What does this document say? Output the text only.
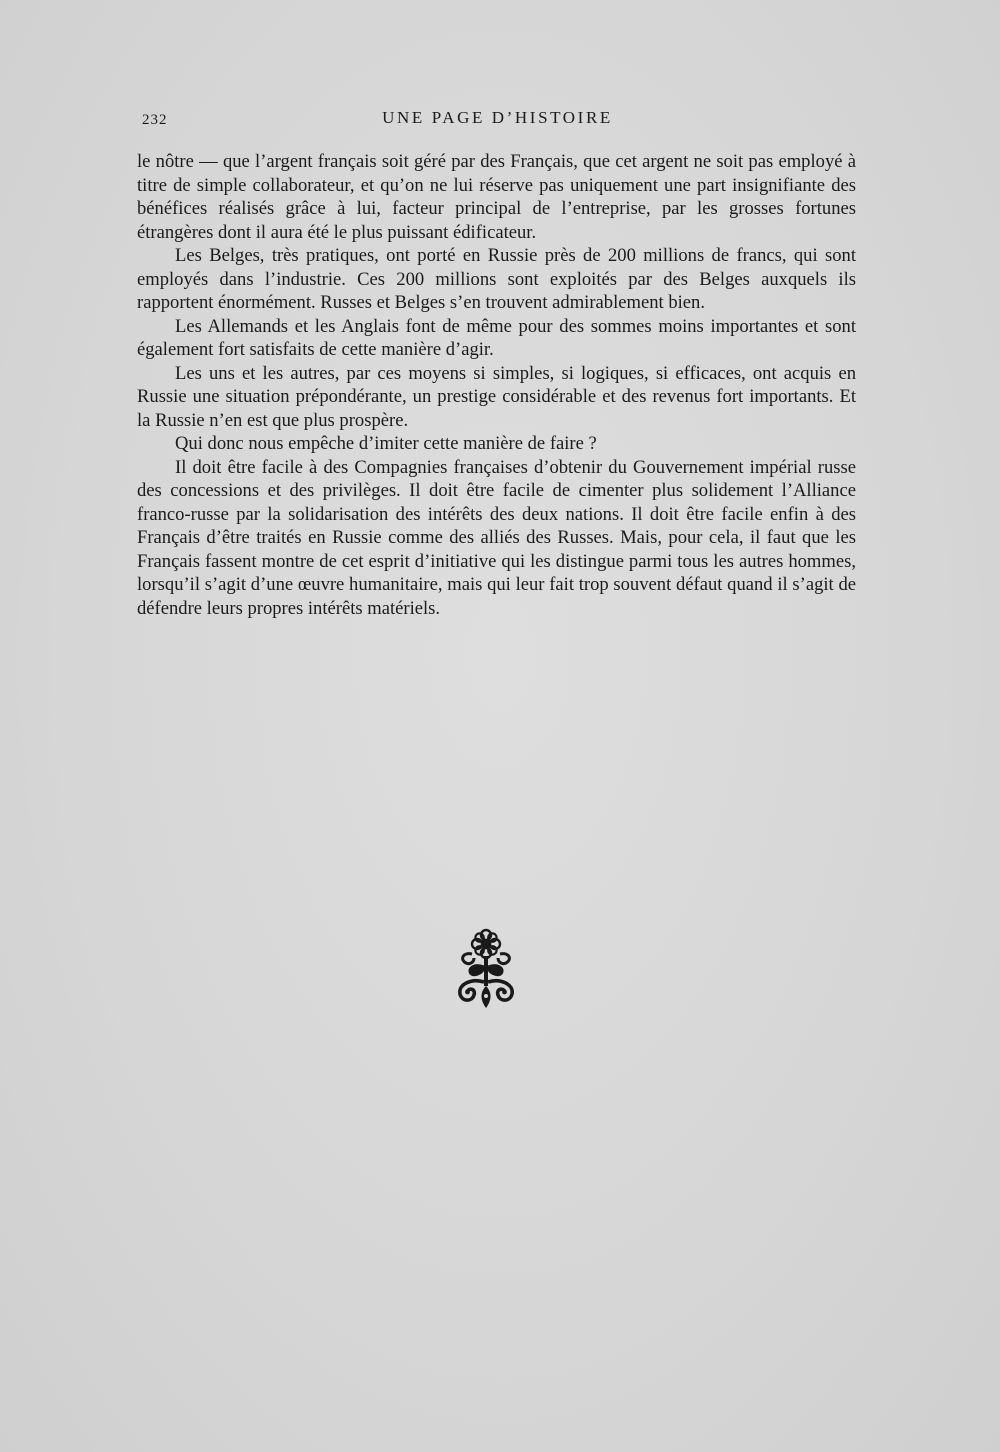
232	UNE PAGE D’HISTOIRE

le nôtre — que l’argent français soit géré par des Français, que cet argent ne soit pas employé à titre de simple collaborateur, et qu’on ne lui réserve pas uniquement une part insignifiante des bénéfices réalisés grâce à lui, facteur principal de l’entreprise, par les grosses fortunes étrangères dont il aura été le plus puissant édificateur.

Les Belges, très pratiques, ont porté en Russie près de 200 millions de francs, qui sont employés dans l’industrie. Ces 200 millions sont exploités par des Belges auxquels ils rapportent énormément. Russes et Belges s’en trouvent admirablement bien.

Les Allemands et les Anglais font de même pour des sommes moins importantes et sont également fort satisfaits de cette manière d’agir.

Les uns et les autres, par ces moyens si simples, si logiques, si efficaces, ont acquis en Russie une situation prépondérante, un prestige considérable et des revenus fort importants. Et la Russie n’en est que plus prospère.

Qui donc nous empêche d’imiter cette manière de faire ?

Il doit être facile à des Compagnies françaises d’obtenir du Gouvernement impérial russe des concessions et des privilèges. Il doit être facile de cimenter plus solidement l’Alliance franco-russe par la solidarisation des intérêts des deux nations. Il doit être facile enfin à des Français d’être traités en Russie comme des alliés des Russes. Mais, pour cela, il faut que les Français fassent montre de cet esprit d’initiative qui les distingue parmi tous les autres hommes, lorsqu’il s’agit d’une œuvre humanitaire, mais qui leur fait trop souvent défaut quand il s’agit de défendre leurs propres intérêts matériels.
